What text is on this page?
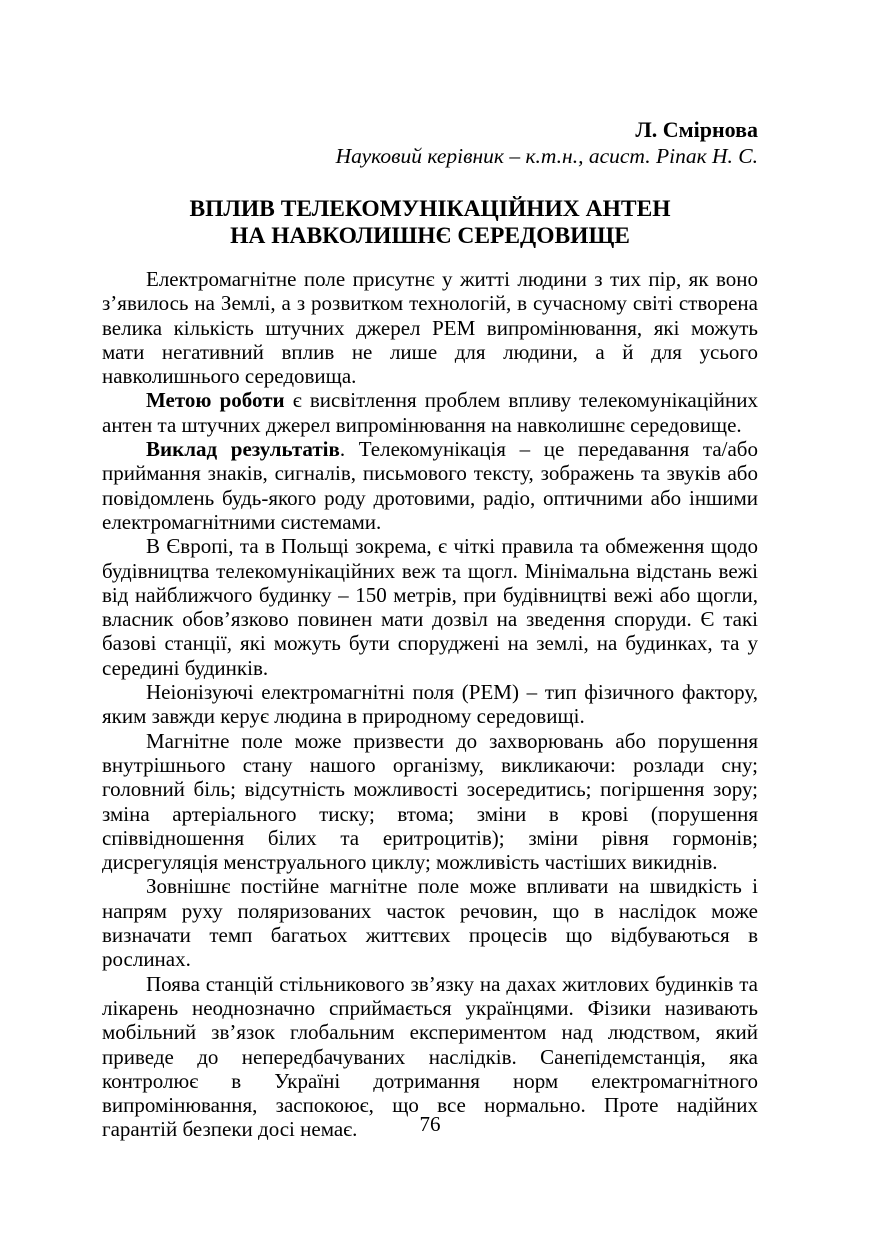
Л. Смірнова
Науковий керівник – к.т.н., асист. Ріпак Н. С.
ВПЛИВ ТЕЛЕКОМУНІКАЦІЙНИХ АНТЕН
НА НАВКОЛИШНЄ СЕРЕДОВИЩЕ

Електромагнітне поле присутнє у житті людини з тих пір, як воно з’явилось на Землі, а з розвитком технологій, в сучасному світі створена велика кількість штучних джерел РЕМ випромінювання, які можуть мати негативний вплив не лише для людини, а й для усього навколишнього середовища.

Метою роботи є висвітлення проблем впливу телекомунікаційних антен та штучних джерел випромінювання на навколишнє середовище.

Виклад результатів. Телекомунікація – це передавання та/або приймання знаків, сигналів, письмового тексту, зображень та звуків або повідомлень будь-якого роду дротовими, радіо, оптичними або іншими електромагнітними системами.

В Європі, та в Польщі зокрема, є чіткі правила та обмеження щодо будівництва телекомунікаційних веж та щогл. Мінімальна відстань вежі від найближчого будинку – 150 метрів, при будівництві вежі або щогли, власник обов’язково повинен мати дозвіл на зведення споруди. Є такі базові станції, які можуть бути споруджені на землі, на будинках, та у середині будинків.

Неіонізуючі електромагнітні поля (РЕМ) – тип фізичного фактору, яким завжди керує людина в природному середовищі.

Магнітне поле може призвести до захворювань або порушення внутрішнього стану нашого організму, викликаючи: розлади сну; головний біль; відсутність можливості зосередитись; погіршення зору; зміна артеріального тиску; втома; зміни в крові (порушення співвідношення білих та еритроцитів); зміни рівня гормонів; дисрегуляція менструального циклу; можливість частіших викиднів.

Зовнішнє постійне магнітне поле може впливати на швидкість і напрям руху поляризованих часток речовин, що в наслідок може визначати темп багатьох життєвих процесів що відбуваються в рослинах.

Поява станцій стільникового зв’язку на дахах житлових будинків та лікарень неоднозначно сприймається українцями. Фізики називають мобільний зв’язок глобальним експериментом над людством, який приведе до непередбачуваних наслідків. Санепідемстанція, яка контролює в Україні дотримання норм електромагнітного випромінювання, заспокоює, що все нормально. Проте надійних гарантій безпеки досі немає.	76
